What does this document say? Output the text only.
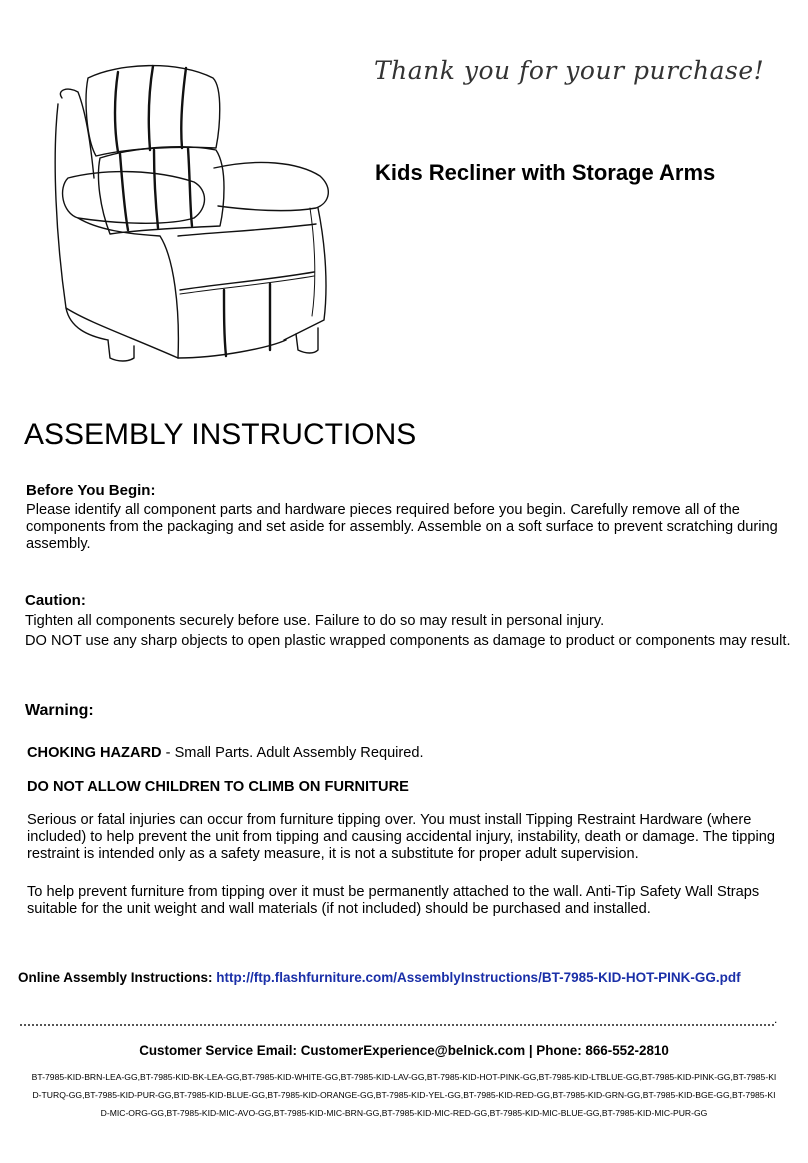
Thank you for your purchase!
Kids Recliner with Storage Arms
ASSEMBLY INSTRUCTIONS
Before You Begin:
Please identify all component parts and hardware pieces required before you begin. Carefully remove all of the components from the packaging and set aside for assembly. Assemble on a soft surface to prevent scratching during assembly.
Caution:
Tighten all components securely before use. Failure to do so may result in personal injury.
DO NOT use any sharp objects to open plastic wrapped components as damage to product or components may result.
Warning:
CHOKING HAZARD - Small Parts. Adult Assembly Required.
DO NOT ALLOW CHILDREN TO CLIMB ON FURNITURE
Serious or fatal injuries can occur from furniture tipping over. You must install Tipping Restraint Hardware (where included) to help prevent the unit from tipping and causing accidental injury, instability, death or damage. The tipping restraint is intended only as a safety measure, it is not a substitute for proper adult supervision.
To help prevent furniture from tipping over it must be permanently attached to the wall. Anti-Tip Safety Wall Straps suitable for the unit weight and wall materials (if not included) should be purchased and installed.
Online Assembly Instructions: http://ftp.flashfurniture.com/AssemblyInstructions/BT-7985-KID-HOT-PINK-GG.pdf
.
Customer Service Email: CustomerExperience@belnick.com | Phone: 866-552-2810
BT-7985-KID-BRN-LEA-GG,BT-7985-KID-BK-LEA-GG,BT-7985-KID-WHITE-GG,BT-7985-KID-LAV-GG,BT-7985-KID-HOT-PINK-GG,BT-7985-KID-LTBLUE-GG,BT-7985-KID-PINK-GG,BT-7985-KID-TURQ-GG,BT-7985-KID-PUR-GG,BT-7985-KID-BLUE-GG,BT-7985-KID-ORANGE-GG,BT-7985-KID-YEL-GG,BT-7985-KID-RED-GG,BT-7985-KID-GRN-GG,BT-7985-KID-BGE-GG,BT-7985-KID-MIC-ORG-GG,BT-7985-KID-MIC-AVO-GG,BT-7985-KID-MIC-BRN-GG,BT-7985-KID-MIC-RED-GG,BT-7985-KID-MIC-BLUE-GG,BT-7985-KID-MIC-PUR-GG
